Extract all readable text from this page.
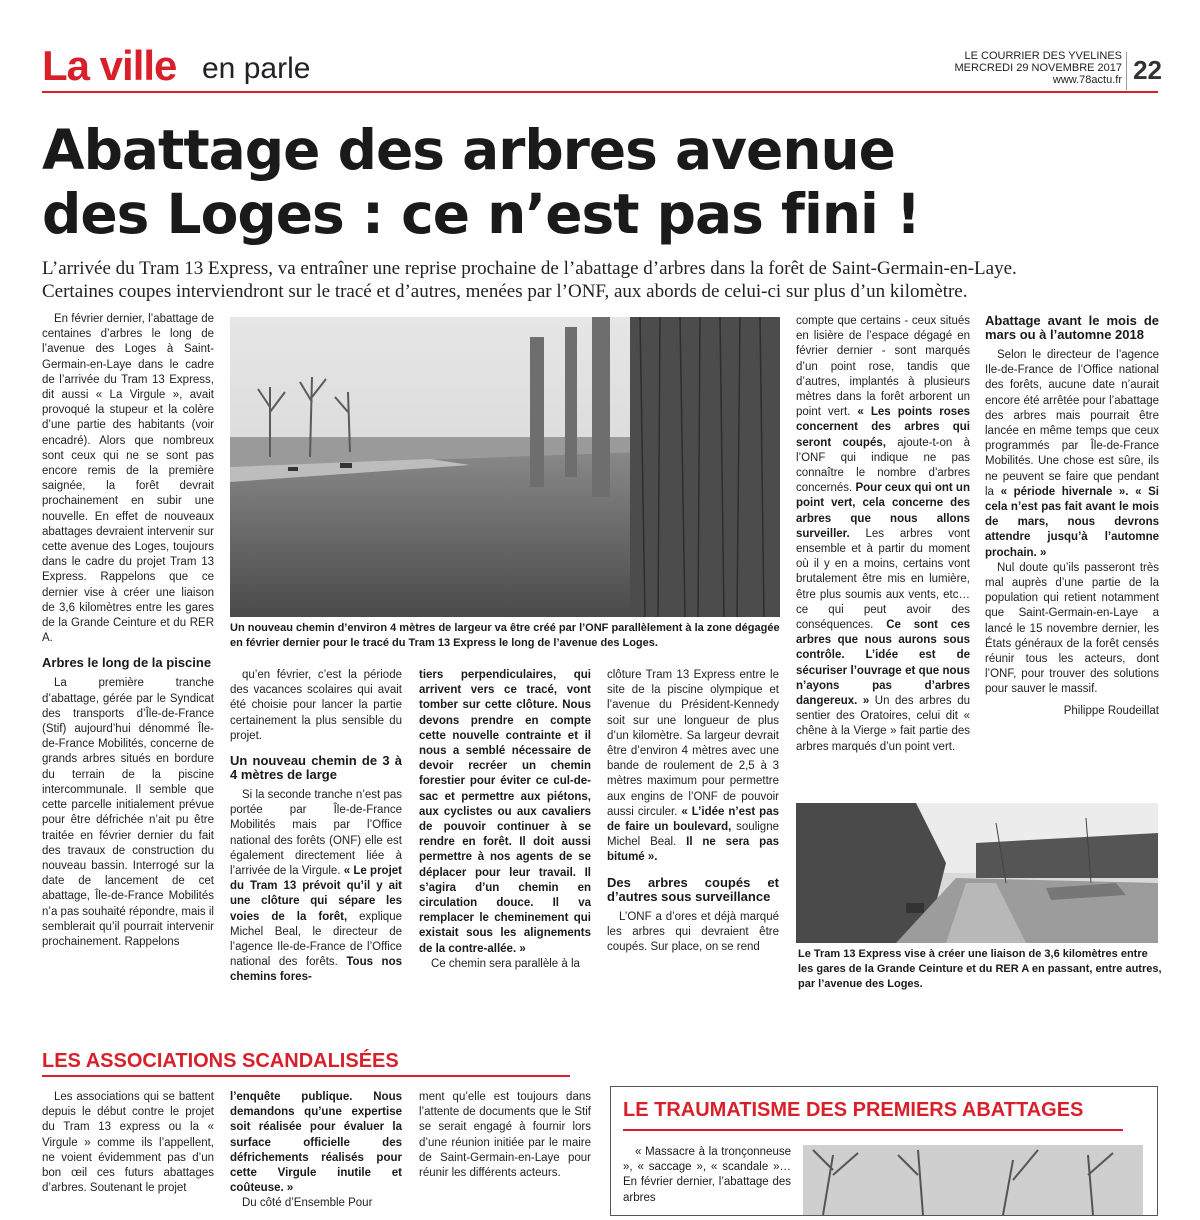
La ville en parle	LE COURRIER DES YVELINES
MERCREDI 29 NOVEMBRE 2017
www.78actu.fr 22
Abattage des arbres avenue
des Loges : ce n’est pas fini !
L’arrivée du Tram 13 Express, va entraîner une reprise prochaine de l’abattage d’arbres dans la forêt de Saint-Germain-en-Laye.
Certaines coupes interviendront sur le tracé et d’autres, menées par l’ONF, aux abords de celui-ci sur plus d’un kilomètre.

En février dernier, l’abattage de centaines d’arbres le long de l’avenue des Loges à Saint-Germain-en-Laye dans le cadre de l’arrivée du Tram 13 Express, dit aussi « La Virgule », avait provoqué la stupeur et la colère d’une partie des habitants (voir encadré). Alors que nombreux sont ceux qui ne se sont pas encore remis de la première saignée, la forêt devrait prochainement en subir une nouvelle. En effet de nouveaux abattages devraient intervenir sur cette avenue des Loges, toujours dans le cadre du projet Tram 13 Express. Rappelons que ce dernier vise à créer une liaison de 3,6 kilomètres entre les gares de la Grande Ceinture et du RER A.

Arbres le long de la piscine

La première tranche d’abattage, gérée par le Syndicat des transports d’Île-de-France (Stif) aujourd’hui dénommé Île-de-France Mobilités, concerne de grands arbres situés en bordure du terrain de la piscine intercommunale. Il semble que cette parcelle initialement prévue pour être défrichée n’ait pu être traitée en février dernier du fait des travaux de construction du nouveau bassin. Interrogé sur la date de lancement de cet abattage, Île-de-France Mobilités n’a pas souhaité répondre, mais il semblerait qu’il pourrait intervenir prochainement. Rappelons

Un nouveau chemin d’environ 4 mètres de largeur va être créé par l’ONF parallèlement à la zone dégagée en février dernier pour le tracé du Tram 13 Express le long de l’avenue des Loges.

qu’en février, c’est la période des vacances scolaires qui avait été choisie pour lancer la partie certainement la plus sensible du projet.

Un nouveau chemin de 3 à 4 mètres de large

Si la seconde tranche n’est pas portée par Île-de-France Mobilités mais par l’Office national des forêts (ONF) elle est également directement liée à l’arrivée de la Virgule. « Le projet du Tram 13 prévoit qu’il y ait une clôture qui sépare les voies de la forêt, explique Michel Beal, le directeur de l’agence Ile-de-France de l’Office national des forêts. Tous nos chemins fores-

tiers perpendiculaires, qui arrivent vers ce tracé, vont tomber sur cette clôture. Nous devons prendre en compte cette nouvelle contrainte et il nous a semblé nécessaire de devoir recréer un chemin forestier pour éviter ce cul-de-sac et permettre aux piétons, aux cyclistes ou aux cavaliers de pouvoir continuer à se rendre en forêt. Il doit aussi permettre à nos agents de se déplacer pour leur travail. Il s’agira d’un chemin en circulation douce. Il va remplacer le cheminement qui existait sous les alignements de la contre-allée. »

Ce chemin sera parallèle à la

clôture Tram 13 Express entre le site de la piscine olympique et l’avenue du Président-Kennedy soit sur une longueur de plus d’un kilomètre. Sa largeur devrait être d’environ 4 mètres avec une bande de roulement de 2,5 à 3 mètres maximum pour permettre aux engins de l’ONF de pouvoir aussi circuler. « L’idée n’est pas de faire un boulevard, souligne Michel Beal. Il ne sera pas bitumé ».

Des arbres coupés et d’autres sous surveillance

L’ONF a d’ores et déjà marqué les arbres qui devraient être coupés. Sur place, on se rend

compte que certains - ceux situés en lisière de l’espace dégagé en février dernier - sont marqués d’un point rose, tandis que d’autres, implantés à plusieurs mètres dans la forêt arborent un point vert. « Les points roses concernent des arbres qui seront coupés, ajoute-t-on à l’ONF qui indique ne pas connaître le nombre d’arbres concernés. Pour ceux qui ont un point vert, cela concerne des arbres que nous allons surveiller. Les arbres vont ensemble et à partir du moment où il y en a moins, certains vont brutalement être mis en lumière, être plus soumis aux vents, etc… ce qui peut avoir des conséquences. Ce sont ces arbres que nous aurons sous contrôle. L’idée est de sécuriser l’ouvrage et que nous n’ayons pas d’arbres dangereux. » Un des arbres du sentier des Oratoires, celui dit « chêne à la Vierge » fait partie des arbres marqués d’un point vert.

Abattage avant le mois de mars ou à l’automne 2018

Selon le directeur de l’agence Ile-de-France de l’Office national des forêts, aucune date n’aurait encore été arrêtée pour l’abattage des arbres mais pourrait être lancée en même temps que ceux programmés par Île-de-France Mobilités. Une chose est sûre, ils ne peuvent se faire que pendant la « période hivernale ». « Si cela n’est pas fait avant le mois de mars, nous devrons attendre jusqu’à l’automne prochain. »

Nul doute qu’ils passeront très mal auprès d’une partie de la population qui retient notamment que Saint-Germain-en-Laye a lancé le 15 novembre dernier, les États généraux de la forêt censés réunir tous les acteurs, dont l’ONF, pour trouver des solutions pour sauver le massif.

Philippe Roudeillat

Le Tram 13 Express vise à créer une liaison de 3,6 kilomètres entre les gares de la Grande Ceinture et du RER A en passant, entre autres, par l’avenue des Loges.
LES ASSOCIATIONS SCANDALISÉES

Les associations qui se battent depuis le début contre le projet du Tram 13 express ou la « Virgule » comme ils l’appellent, ne voient évidemment pas d’un bon œil ces futurs abattages d’arbres. Soutenant le projet

l’enquête publique. Nous demandons qu’une expertise soit réalisée pour évaluer la surface officielle des défrichements réalisés pour cette Virgule inutile et coûteuse. »

Du côté d’Ensemble Pour

ment qu’elle est toujours dans l’attente de documents que le Stif se serait engagé à fournir lors d’une réunion initiée par le maire de Saint-Germain-en-Laye pour réunir les différents acteurs.

LE TRAUMATISME DES PREMIERS ABATTAGES

« Massacre à la tronçonneuse », « saccage », « scandale »… En février dernier, l’abattage des arbres
